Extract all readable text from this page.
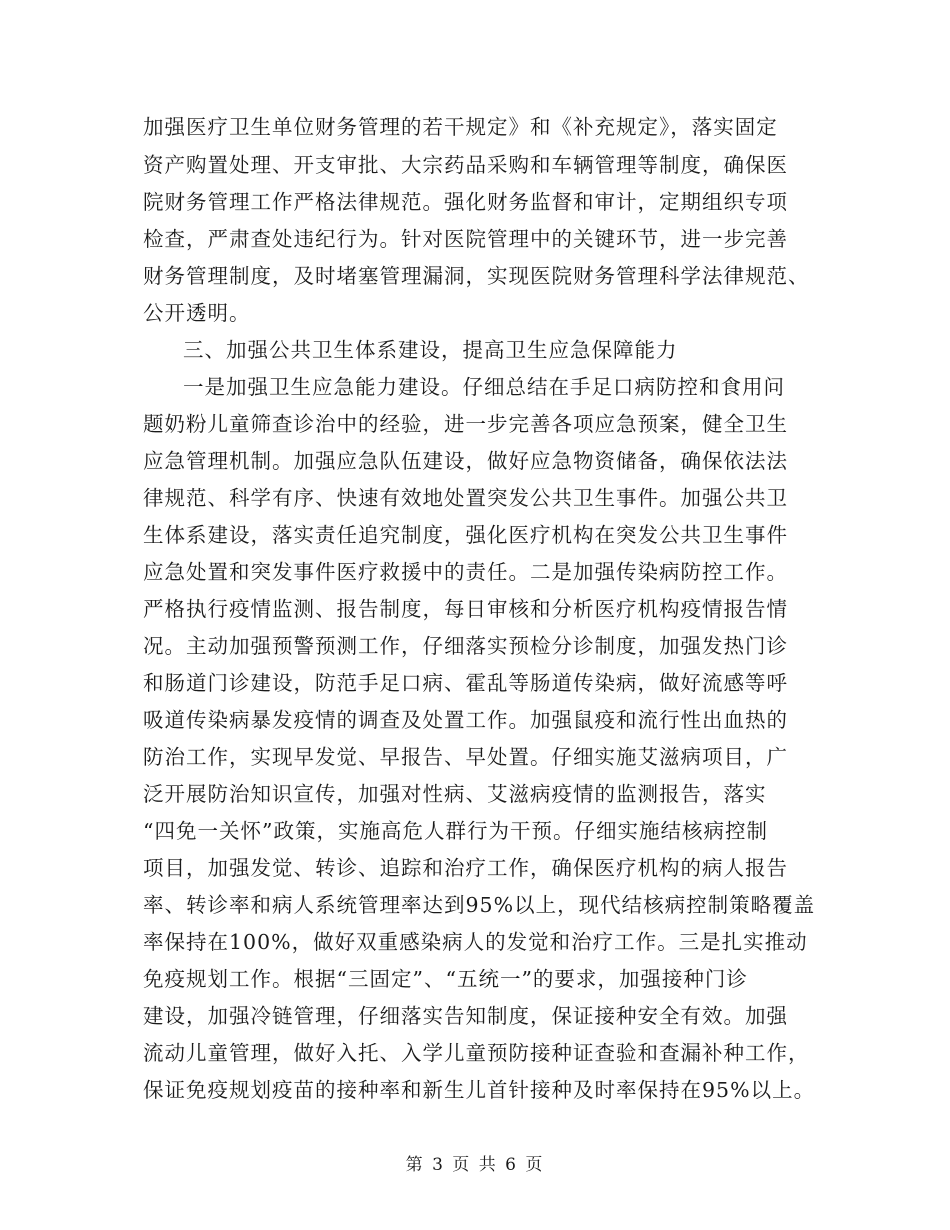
加强医疗卫生单位财务管理的若干规定》和《补充规定》，落实固定
资产购置处理、开支审批、大宗药品采购和车辆管理等制度，确保医
院财务管理工作严格法律规范。强化财务监督和审计，定期组织专项
检查，严肃查处违纪行为。针对医院管理中的关键环节，进一步完善
财务管理制度，及时堵塞管理漏洞，实现医院财务管理科学法律规范、
公开透明。
三、加强公共卫生体系建设，提高卫生应急保障能力
一是加强卫生应急能力建设。仔细总结在手足口病防控和食用问
题奶粉儿童筛查诊治中的经验，进一步完善各项应急预案，健全卫生
应急管理机制。加强应急队伍建设，做好应急物资储备，确保依法法
律规范、科学有序、快速有效地处置突发公共卫生事件。加强公共卫
生体系建设，落实责任追究制度，强化医疗机构在突发公共卫生事件
应急处置和突发事件医疗救援中的责任。二是加强传染病防控工作。
严格执行疫情监测、报告制度，每日审核和分析医疗机构疫情报告情
况。主动加强预警预测工作，仔细落实预检分诊制度，加强发热门诊
和肠道门诊建设，防范手足口病、霍乱等肠道传染病，做好流感等呼
吸道传染病暴发疫情的调查及处置工作。加强鼠疫和流行性出血热的
防治工作，实现早发觉、早报告、早处置。仔细实施艾滋病项目，广
泛开展防治知识宣传，加强对性病、艾滋病疫情的监测报告，落实
“四免一关怀”政策，实施高危人群行为干预。仔细实施结核病控制
项目，加强发觉、转诊、追踪和治疗工作，确保医疗机构的病人报告
率、转诊率和病人系统管理率达到95%以上，现代结核病控制策略覆盖
率保持在100%，做好双重感染病人的发觉和治疗工作。三是扎实推动
免疫规划工作。根据“三固定”、“五统一”的要求，加强接种门诊
建设，加强冷链管理，仔细落实告知制度，保证接种安全有效。加强
流动儿童管理，做好入托、入学儿童预防接种证查验和查漏补种工作，
保证免疫规划疫苗的接种率和新生儿首针接种及时率保持在95%以上。
第 3 页 共 6 页
